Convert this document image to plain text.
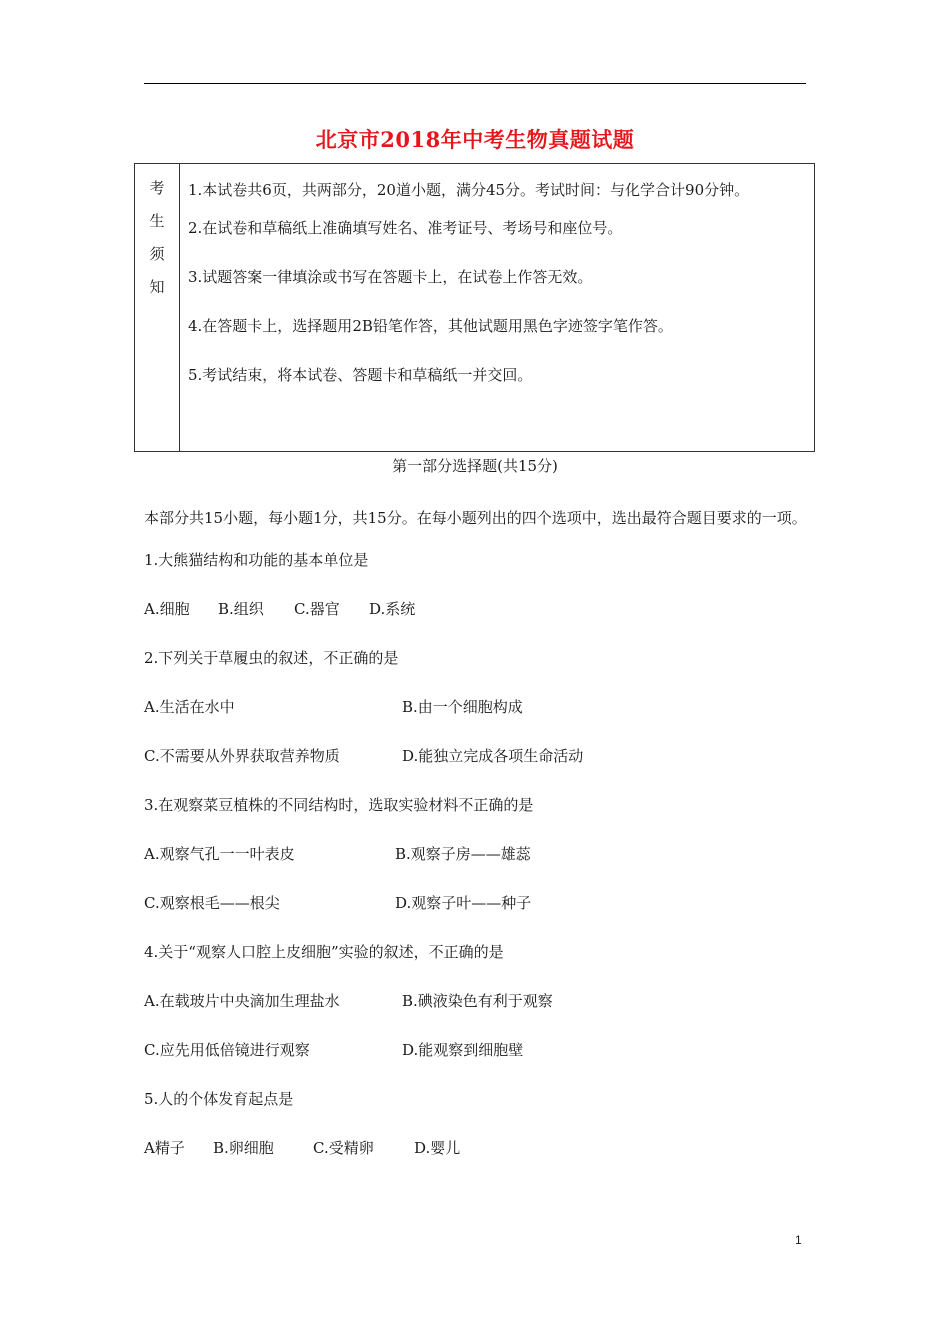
北京市2018年中考生物真题试题
考
生
须
知

1.本试卷共6页，共两部分，20道小题，满分45分。考试时间：与化学合计90分钟。

2.在试卷和草稿纸上准确填写姓名、准考证号、考场号和座位号。

3.试题答案一律填涂或书写在答题卡上，在试卷上作答无效。

4.在答题卡上，选择题用2B铅笔作答，其他试题用黑色字迹签字笔作答。

5.考试结束，将本试卷、答题卡和草稿纸一并交回。

第一部分选择题(共15分)

本部分共15小题，每小题1分，共15分。在每小题列出的四个选项中，选出最符合题目要求的一项。

1.大熊猫结构和功能的基本单位是
A.细胞 B.组织 C.器官 D.系统
2.下列关于草履虫的叙述，不正确的是
A.生活在水中	B.由一个细胞构成
C.不需要从外界获取营养物质	D.能独立完成各项生命活动
3.在观察菜豆植株的不同结构时，选取实验材料不正确的是
A.观察气孔一一叶表皮	B.观察子房——雄蕊
C.观察根毛——根尖	D.观察子叶——种子
4.关于“观察人口腔上皮细胞”实验的叙述，不正确的是
A.在载玻片中央滴加生理盐水	B.碘液染色有利于观察
C.应先用低倍镜进行观察	D.能观察到细胞壁
5.人的个体发育起点是
A精子 B.卵细胞	C.受精卵	D.婴儿
1
